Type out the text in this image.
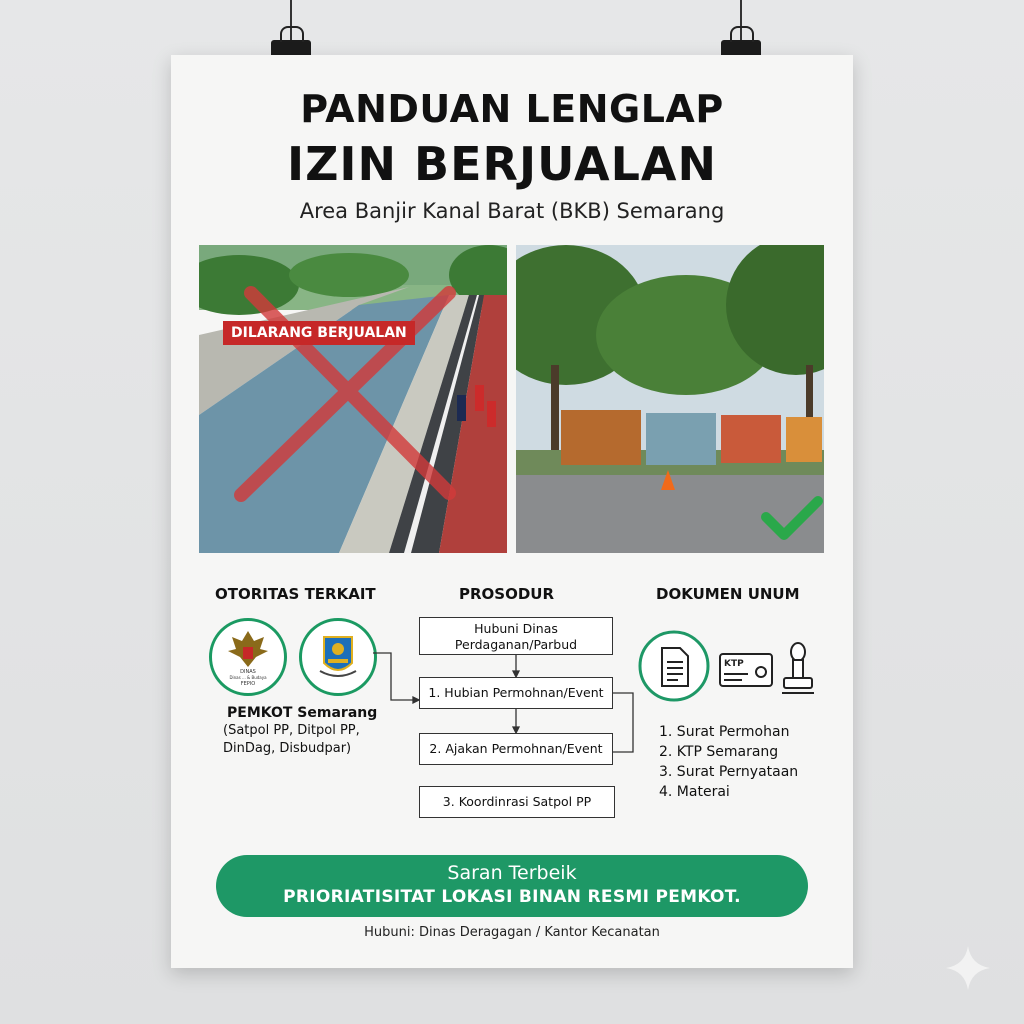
PANDUAN LENGLAP
IZIN BERJUALAN
Area Banjir Kanal Barat (BKB) Semarang
DILARANG BERJUALAN
OTORITAS TERKAIT	PROSODUR	DOKUMEN UNUM
DINAS
Dinas ... & Budaya
FEPIO
PEMKOT Semarang
(Satpol PP, Ditpol PP, DinDag, Disbudpar)
Hubuni Dinas
Perdaganan/Parbud
1. Hubian Permohnan/Event
2. Ajakan Permohnan/Event
3. Koordinrasi Satpol PP
KTP
1. Surat Permohan
2. KTP Semarang
3. Surat Pernyataan
4. Materai
Saran Terbeik
PRIORIATISITAT LOKASI BINAN RESMI PEMKOT.
Hubuni: Dinas Deragagan / Kantor Kecanatan
